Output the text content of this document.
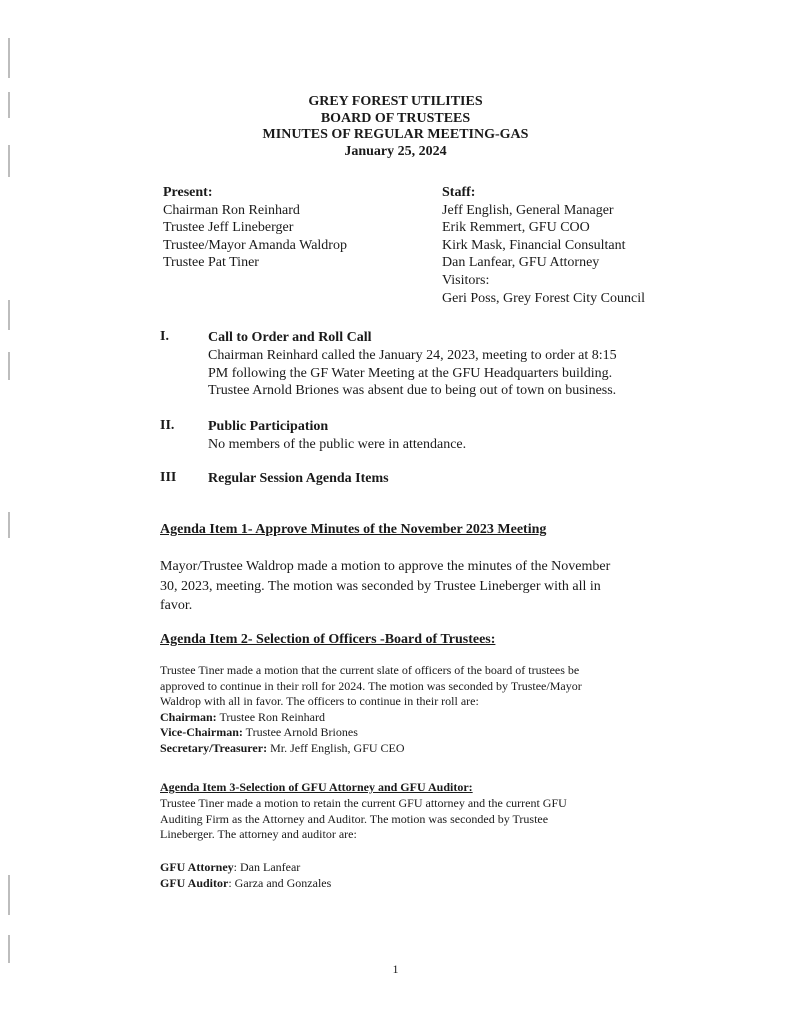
GREY FOREST UTILITIES
BOARD OF TRUSTEES
MINUTES OF REGULAR MEETING-GAS
January 25, 2024
Present:
Chairman Ron Reinhard
Trustee Jeff Lineberger
Trustee/Mayor Amanda Waldrop
Trustee Pat Tiner
Staff:
Jeff English, General Manager
Erik Remmert, GFU COO
Kirk Mask, Financial Consultant
Dan Lanfear, GFU Attorney
Visitors:
Geri Poss, Grey Forest City Council
I.	Call to Order and Roll Call
Chairman Reinhard called the January 24, 2023, meeting to order at 8:15
PM following the GF Water Meeting at the GFU Headquarters building.
Trustee Arnold Briones was absent due to being out of town on business.
II. Public Participation
No members of the public were in attendance.
III Regular Session Agenda Items
Agenda Item 1- Approve Minutes of the November 2023 Meeting
Mayor/Trustee Waldrop made a motion to approve the minutes of the November
30, 2023, meeting. The motion was seconded by Trustee Lineberger with all in
favor.
Agenda Item 2- Selection of Officers -Board of Trustees:
Trustee Tiner made a motion that the current slate of officers of the board of trustees be
approved to continue in their roll for 2024. The motion was seconded by Trustee/Mayor
Waldrop with all in favor. The officers to continue in their roll are:
Chairman: Trustee Ron Reinhard
Vice-Chairman: Trustee Arnold Briones
Secretary/Treasurer: Mr. Jeff English, GFU CEO
Agenda Item 3-Selection of GFU Attorney and GFU Auditor:
Trustee Tiner made a motion to retain the current GFU attorney and the current GFU
Auditing Firm as the Attorney and Auditor. The motion was seconded by Trustee
Lineberger. The attorney and auditor are:
GFU Attorney: Dan Lanfear
GFU Auditor: Garza and Gonzales
1
